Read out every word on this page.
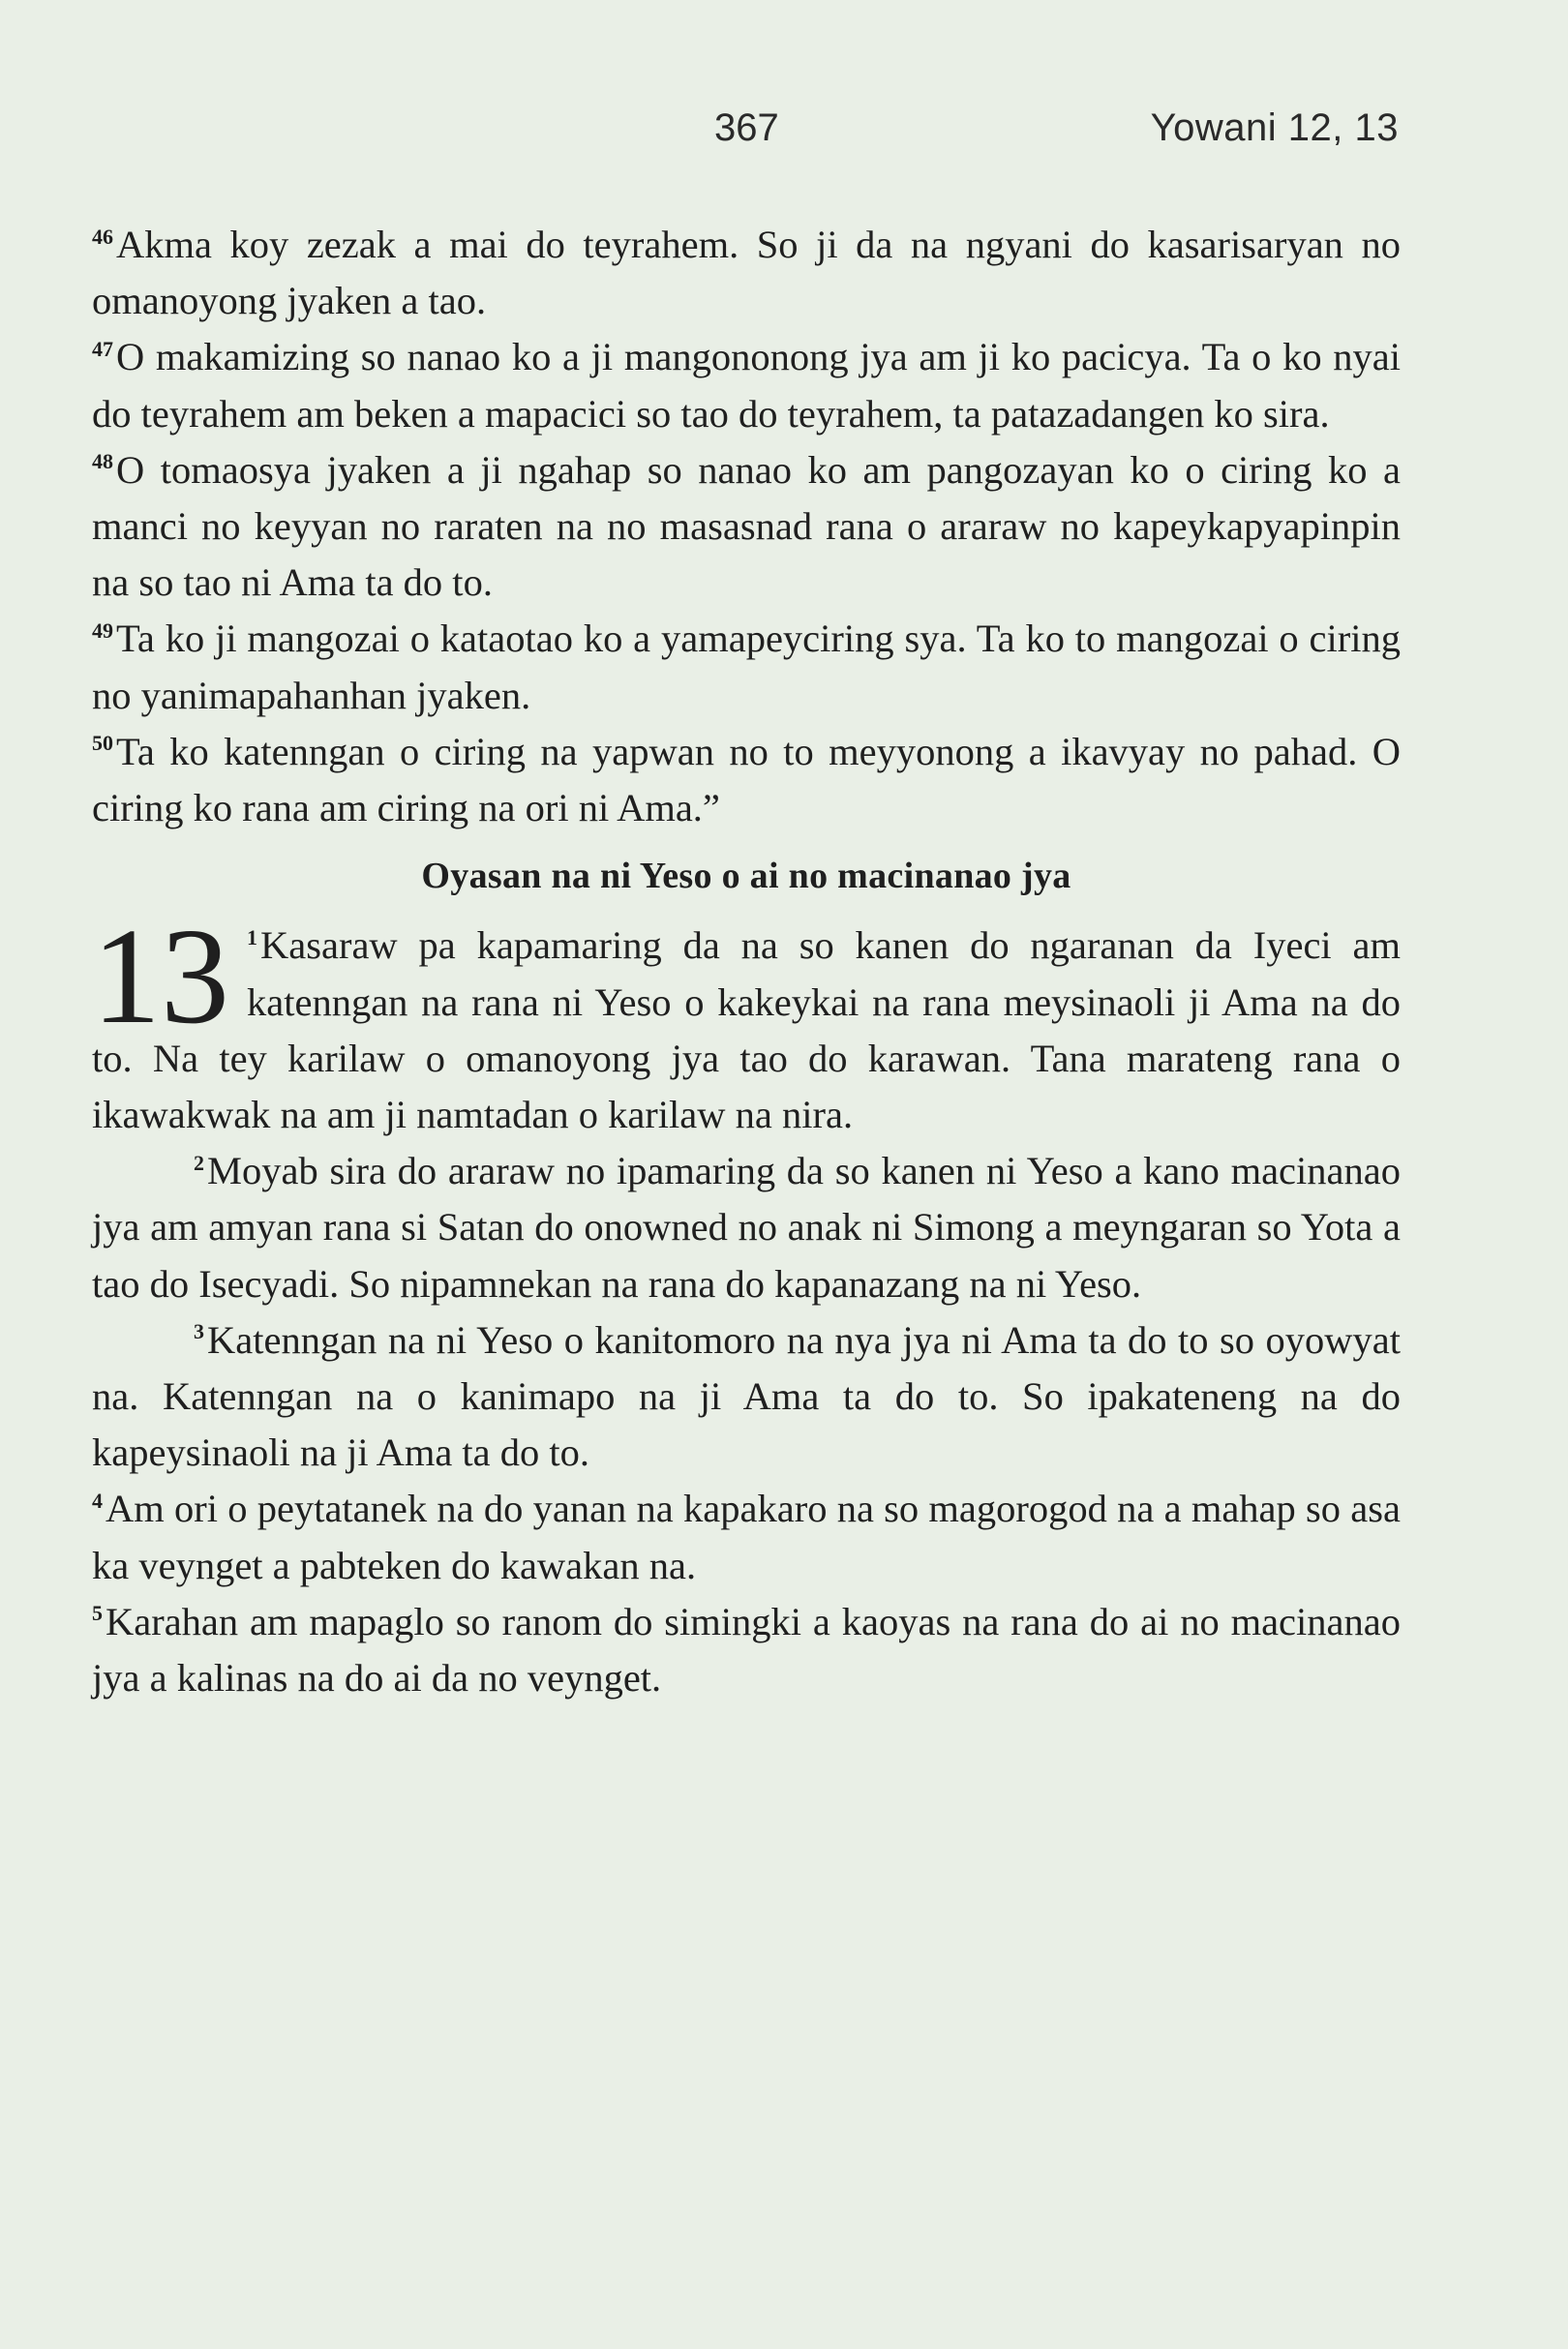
367	Yowani 12, 13

$^{46}$Akma koy zezak a mai do teyrahem. So ji da na ngyani do kasarisaryan no omanoyong jyaken a tao.

$^{47}$O makamizing so nanao ko a ji mangononong jya am ji ko pacicya. Ta o ko nyai do teyrahem am beken a mapacici so tao do teyrahem, ta patazadangen ko sira.

$^{48}$O tomaosya jyaken a ji ngahap so nanao ko am pangozayan ko o ciring ko a manci no keyyan no raraten na no masasnad rana o araraw no kapeykapyapinpin na so tao ni Ama ta do to.

$^{49}$Ta ko ji mangozai o kataotao ko a yamapeyciring sya. Ta ko to mangozai o ciring no yanimapahanhan jyaken.

$^{50}$Ta ko katenngan o ciring na yapwan no to meyyonong a ikavyay no pahad. O ciring ko rana am ciring na ori ni Ama.”

Oyasan na ni Yeso o ai no macinanao jya

13 $^1$Kasaraw pa kapamaring da na so kanen do ngaranan da Iyeci am katenngan na rana ni Yeso o kakeykai na rana meysinaoli ji Ama na do to. Na tey karilaw o omanoyong jya tao do karawan. Tana marateng rana o ikawakwak na am ji namtadan o karilaw na nira.

$^2$Moyab sira do araraw no ipamaring da so kanen ni Yeso a kano macinanao jya am amyan rana si Satan do onowned no anak ni Simong a meyngaran so Yota a tao do Isecyadi. So nipamnekan na rana do kapanazang na ni Yeso.

$^3$Katenngan na ni Yeso o kanitomoro na nya jya ni Ama ta do to so oyowyat na. Katenngan na o kanimapo na ji Ama ta do to. So ipakateneng na do kapeysinaoli na ji Ama ta do to.

$^4$Am ori o peytatanek na do yanan na kapakaro na so magorogod na a mahap so asa ka veynget a pabteken do kawakan na.

$^5$Karahan am mapaglo so ranom do simingki a kaoyas na rana do ai no macinanao jya a kalinas na do ai da no veynget.
